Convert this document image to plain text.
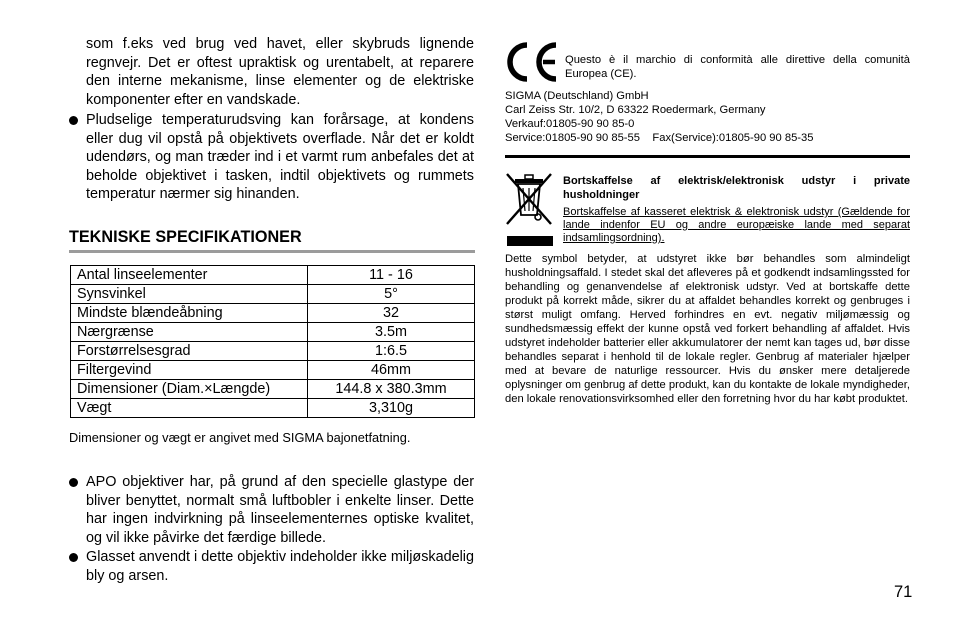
som f.eks ved brug ved havet, eller skybruds lignende regnvejr. Det er oftest upraktisk og urentabelt, at reparere den interne mekanisme, linse elementer og de elektriske komponenter efter en vandskade.

Pludselige temperaturudsving kan forårsage, at kondens eller dug vil opstå på objektivets overflade. Når det er koldt udendørs, og man træder ind i et varmt rum anbefales det at beholde objektivet i tasken, indtil objektivets og rummets temperatur nærmer sig hinanden.

TEKNISKE SPECIFIKATIONER
Antal linseelementer	11 - 16
Synsvinkel	5°
Mindste blændeåbning	32
Nærgrænse	3.5m
Forstørrelsesgrad	1:6.5
Filtergevind	46mm
Dimensioner (Diam.×Længde)	144.8 x 380.3mm
Vægt	3,310g
Dimensioner og vægt er angivet med SIGMA bajonetfatning.

APO objektiver har, på grund af den specielle glastype der bliver benyttet, normalt små luftbobler i enkelte linser. Dette har ingen indvirkning på linseelementernes optiske kvalitet, og vil ikke påvirke det færdige billede.

Glasset anvendt i dette objektiv indeholder ikke miljøskadelig bly og arsen.

Questo è il marchio di conformità alle direttive della comunità Europea (CE).
SIGMA (Deutschland) GmbH
Carl Zeiss Str. 10/2, D 63322 Roedermark, Germany
Verkauf:01805-90 90 85-0
Service:01805-90 90 85-55    Fax(Service):01805-90 90 85-35
Bortskaffelse af elektrisk/elektronisk udstyr i private husholdninger
Bortskaffelse af kasseret elektrisk & elektronisk udstyr (Gældende for lande indenfor EU og andre europæiske lande med separat indsamlingsordning).
Dette symbol betyder, at udstyret ikke bør behandles som almindeligt husholdningsaffald. I stedet skal det afleveres på et godkendt indsamlingssted for behandling og genanvendelse af elektronisk udstyr. Ved at bortskaffe dette produkt på korrekt måde, sikrer du at affaldet behandles korrekt og genbruges i størst muligt omfang. Herved forhindres en evt. negativ miljømæssig og sundhedsmæssig effekt der kunne opstå ved forkert behandling af affaldet. Hvis udstyret indeholder batterier eller akkumulatorer der nemt kan tages ud, bør disse behandles separat i henhold til de lokale regler. Genbrug af materialer hjælper med at bevare de naturlige ressourcer. Hvis du ønsker mere detaljerede oplysninger om genbrug af dette produkt, kan du kontakte de lokale myndigheder, den lokale renovationsvirksomhed eller den forretning hvor du har købt produktet.
71
